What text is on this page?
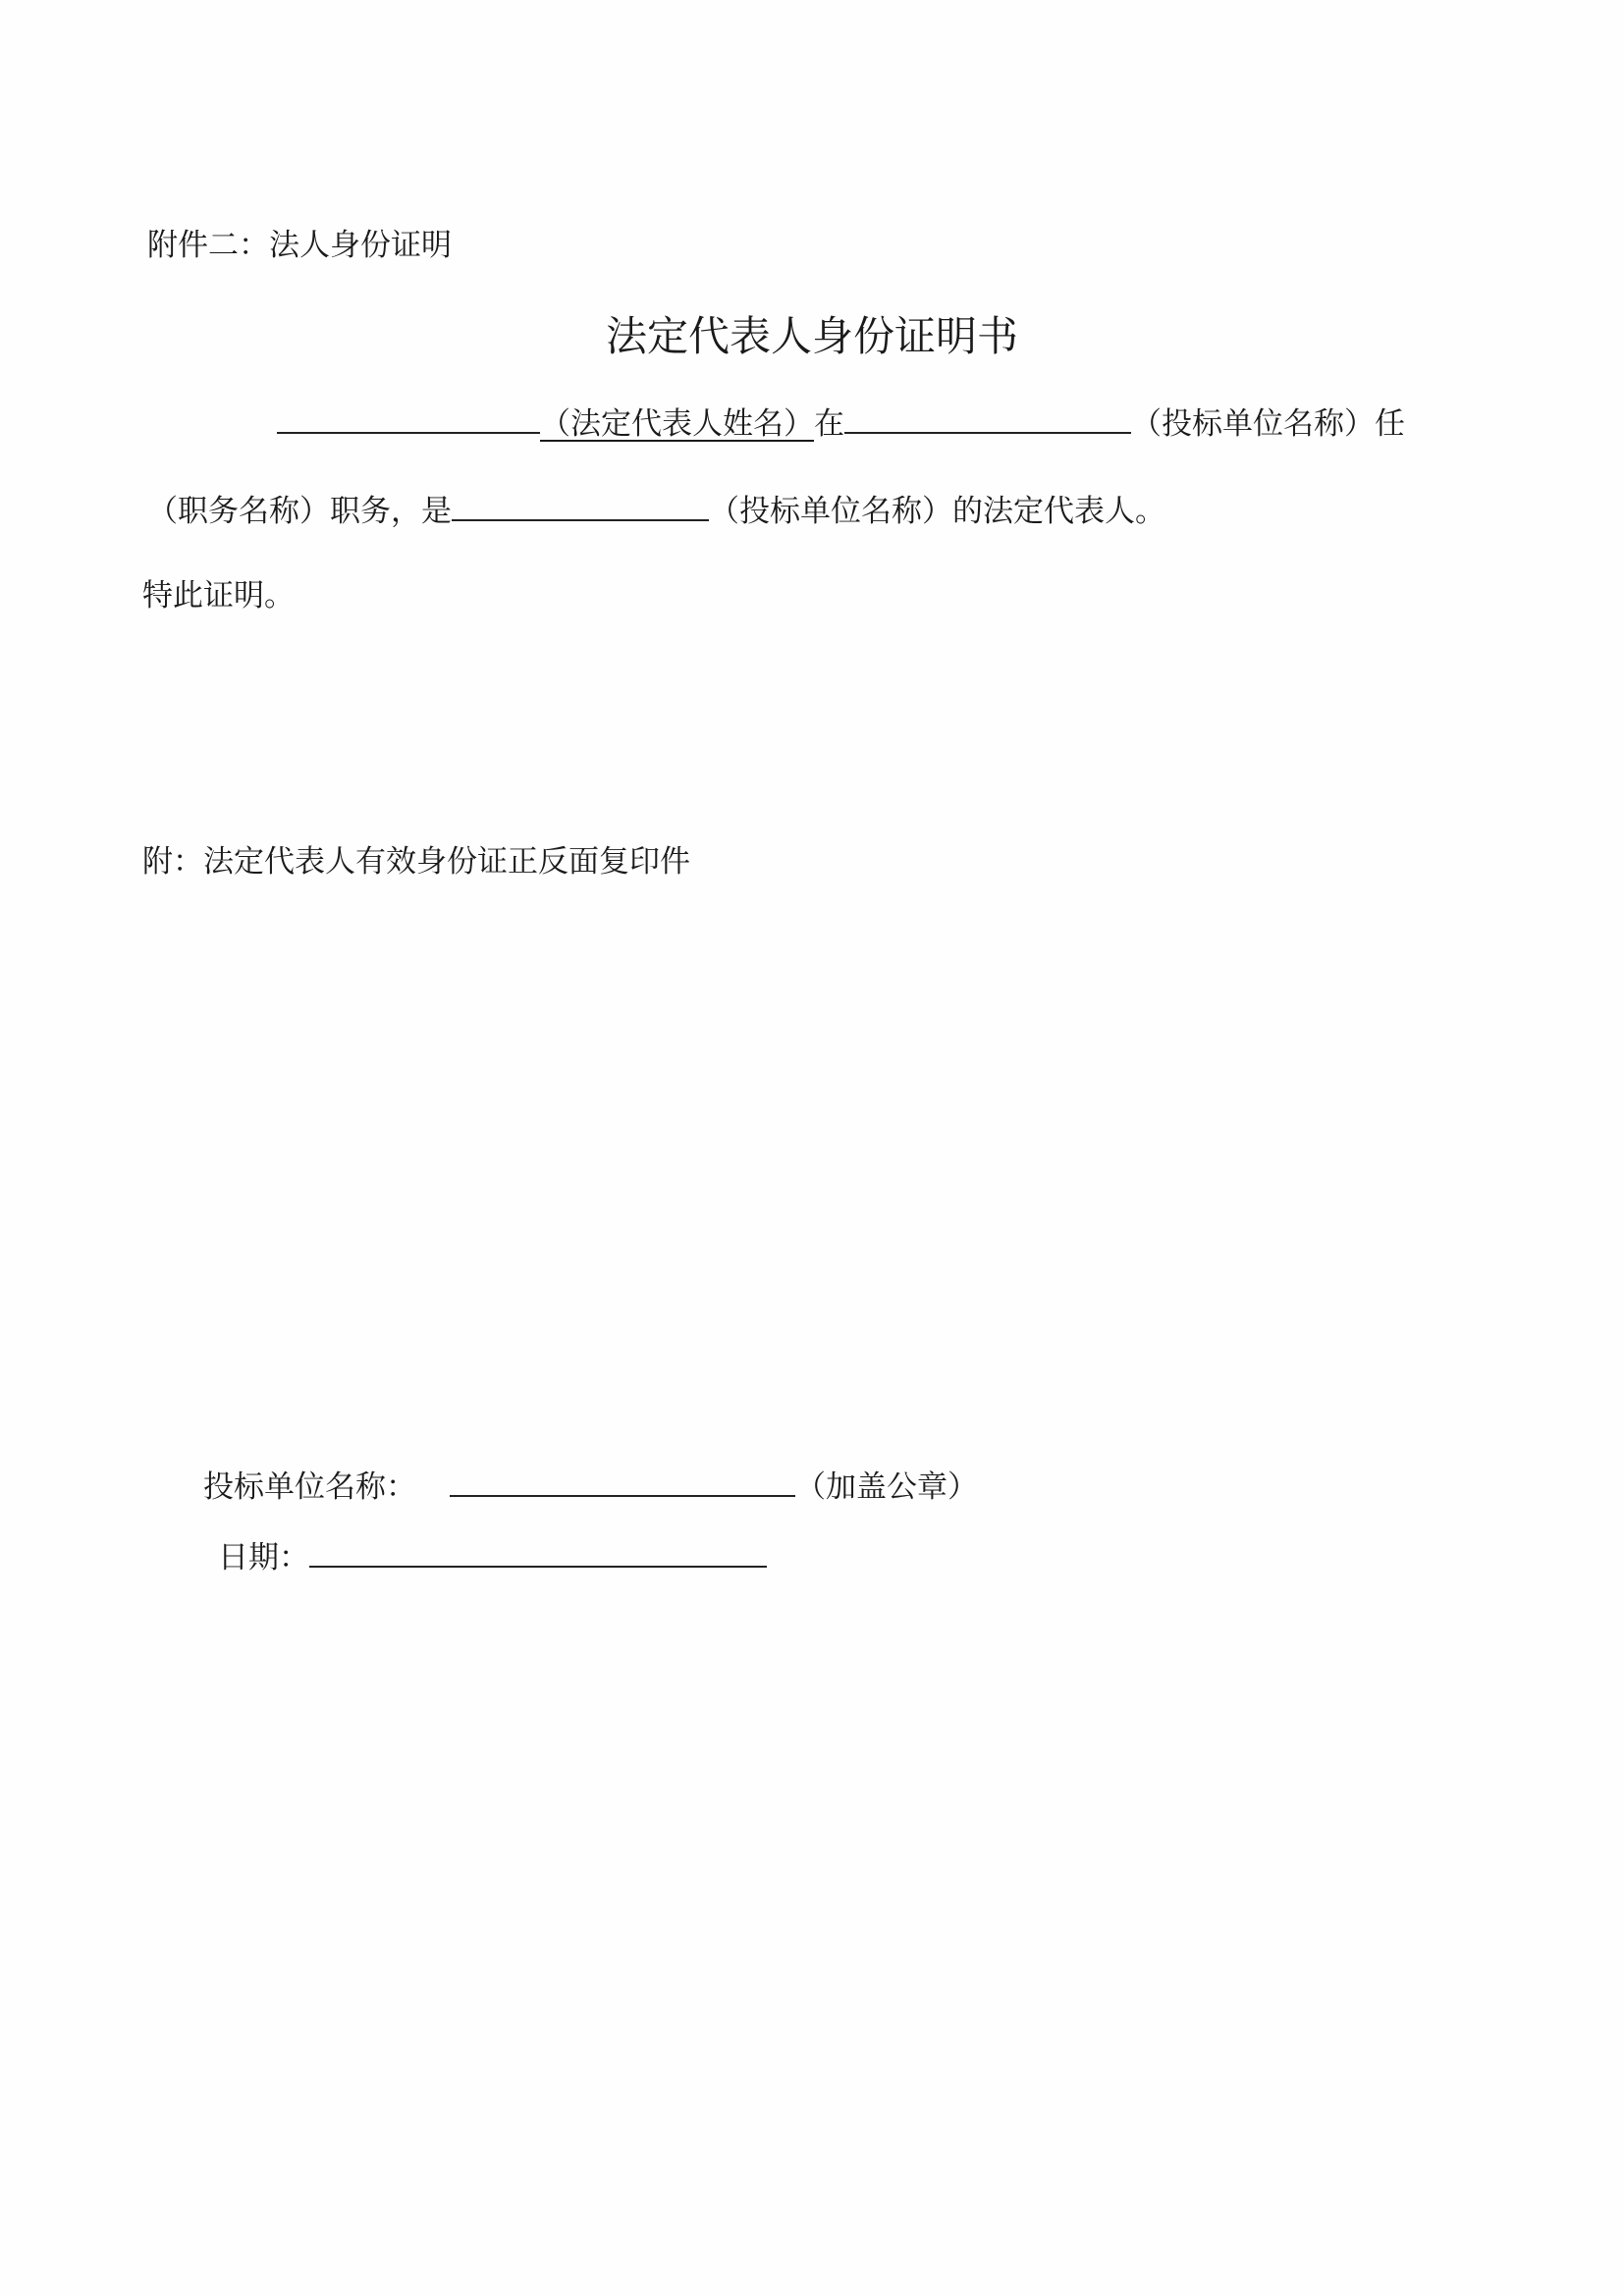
附件二：法人身份证明
法定代表人身份证明书
（法定代表人姓名）在	（投标单位名称）任
（职务名称）职务，是	（投标单位名称）的法定代表人。
特此证明。
附：法定代表人有效身份证正反面复印件
投标单位名称：	（加盖公章）
日期：
